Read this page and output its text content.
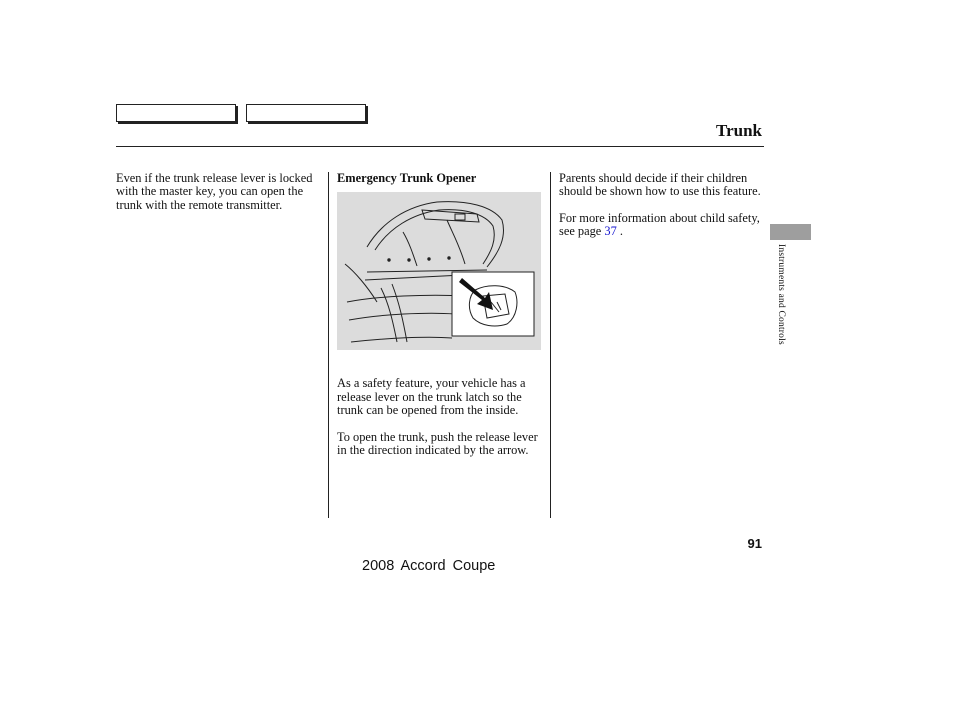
Trunk

Even if the trunk release lever is locked with the master key, you can open the trunk with the remote transmitter.

Emergency Trunk Opener

As a safety feature, your vehicle has a release lever on the trunk latch so the trunk can be opened from the inside.

To open the trunk, push the release lever in the direction indicated by the arrow.

Parents should decide if their children should be shown how to use this feature.

For more information about child safety, see page 37 .

Instruments and Controls
91
2008 Accord Coupe
